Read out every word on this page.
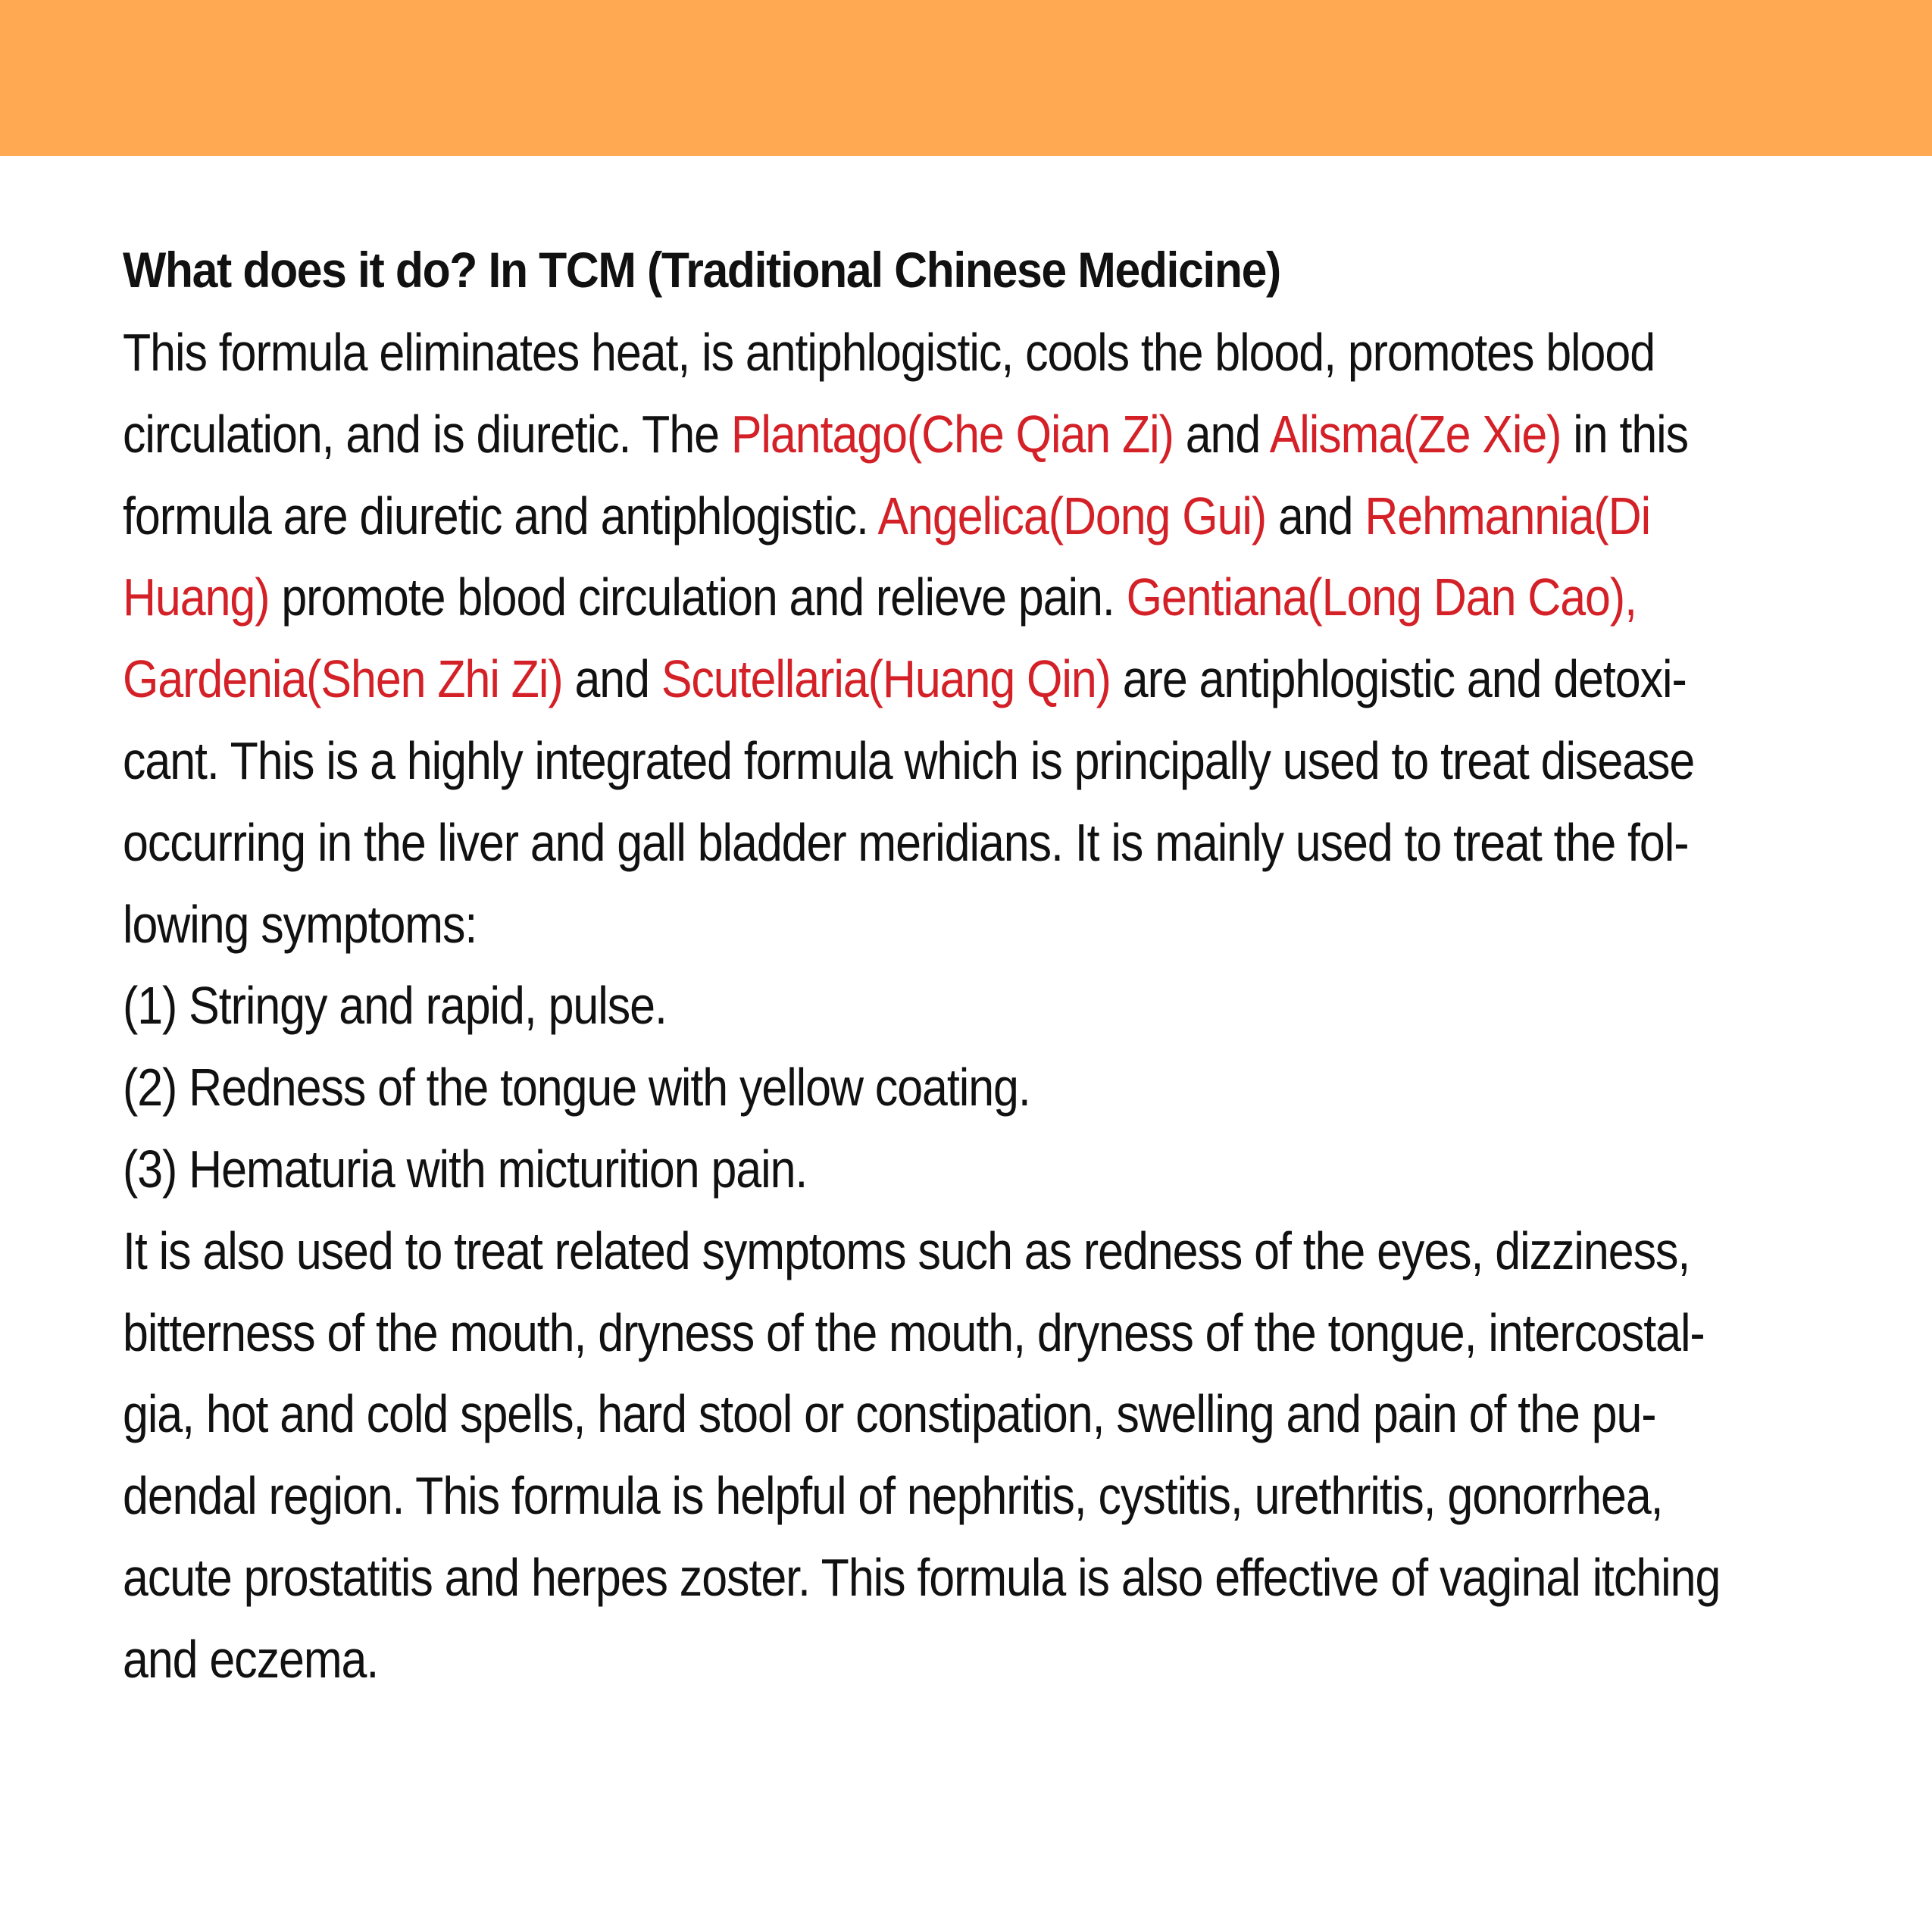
What does it do? In TCM (Traditional Chinese Medicine)
This formula eliminates heat, is antiphlogistic, cools the blood, promotes blood
circulation, and is diuretic. The Plantago(Che Qian Zi) and Alisma(Ze Xie) in this
formula are diuretic and antiphlogistic. Angelica(Dong Gui) and Rehmannia(Di
Huang) promote blood circulation and relieve pain. Gentiana(Long Dan Cao),
Gardenia(Shen Zhi Zi) and Scutellaria(Huang Qin) are antiphlogistic and detoxi-
cant. This is a highly integrated formula which is principally used to treat disease
occurring in the liver and gall bladder meridians. It is mainly used to treat the fol-
lowing symptoms:
(1) Stringy and rapid, pulse.
(2) Redness of the tongue with yellow coating.
(3) Hematuria with micturition pain.
It is also used to treat related symptoms such as redness of the eyes, dizziness,
bitterness of the mouth, dryness of the mouth, dryness of the tongue, intercostal-
gia, hot and cold spells, hard stool or constipation, swelling and pain of the pu-
dendal region. This formula is helpful of nephritis, cystitis, urethritis, gonorrhea,
acute prostatitis and herpes zoster. This formula is also effective of vaginal itching
and eczema.
